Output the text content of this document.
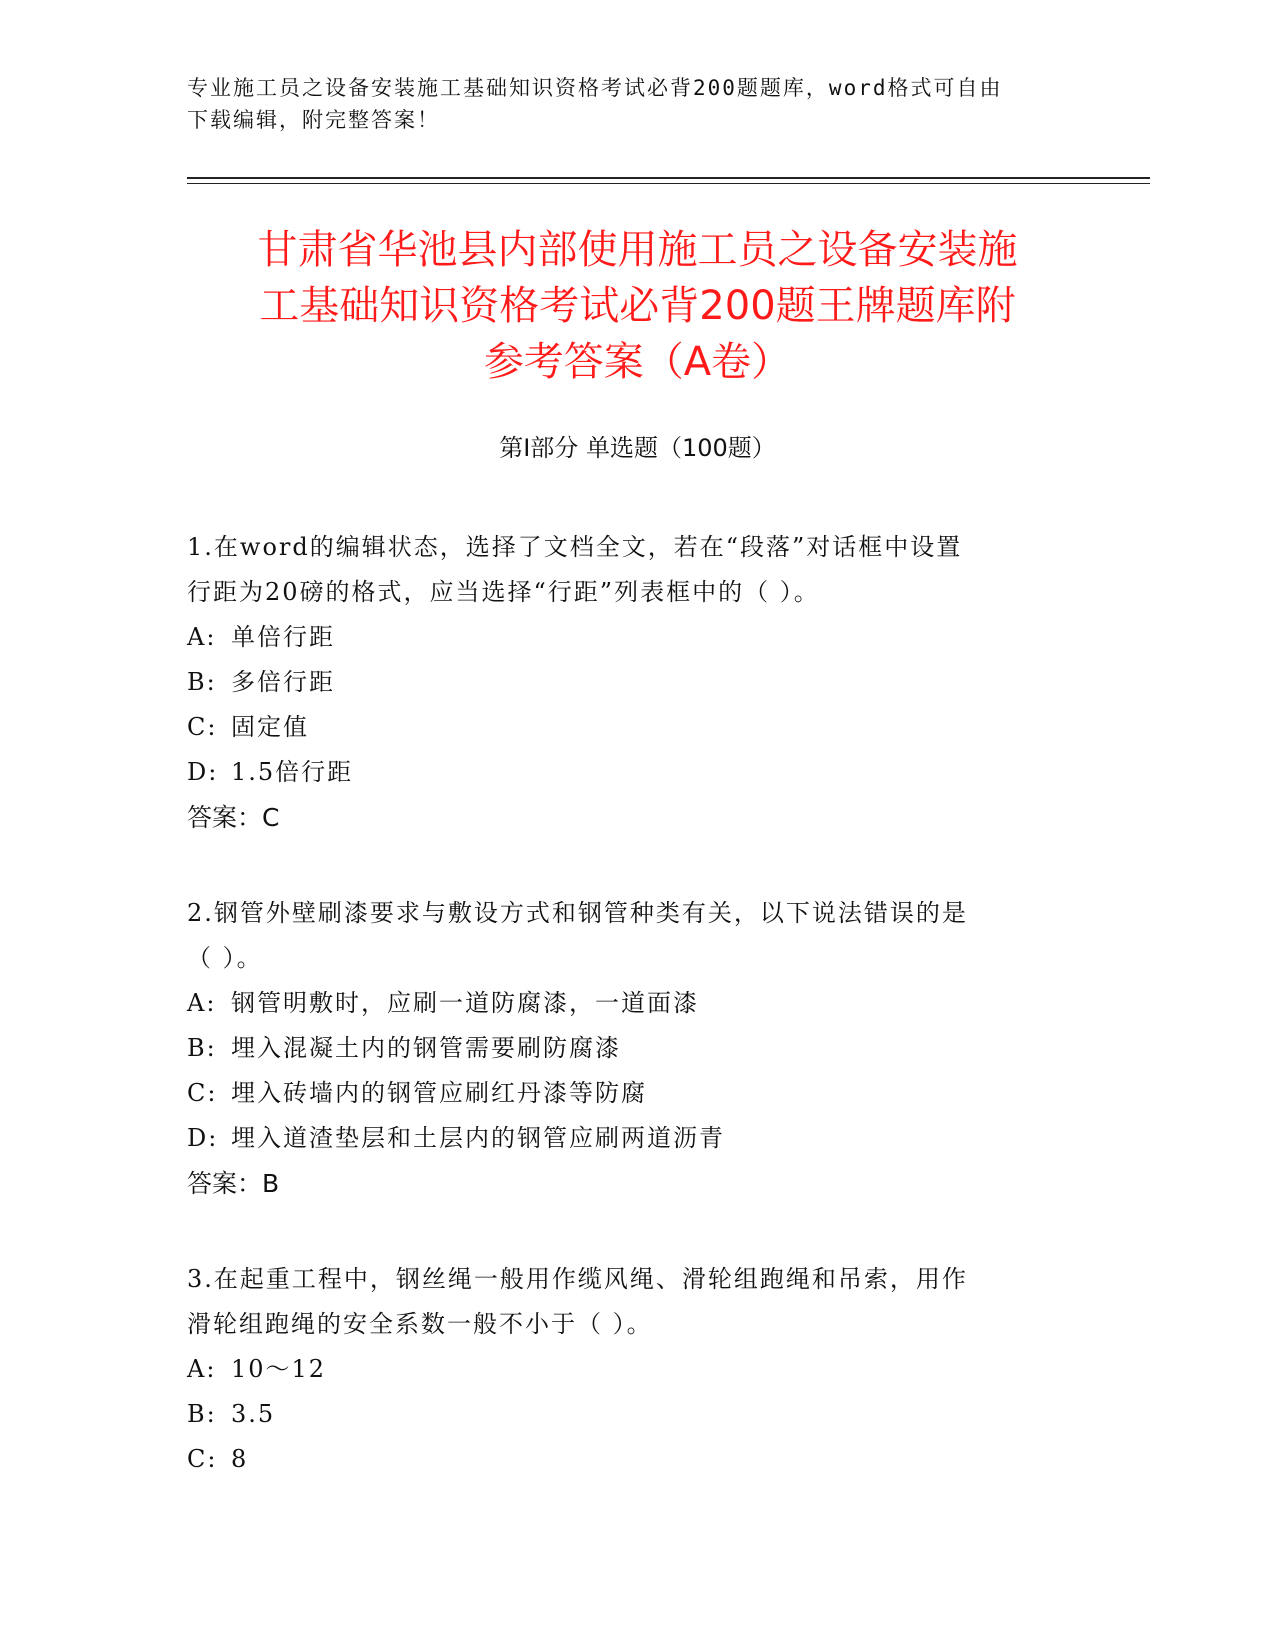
专业施工员之设备安装施工基础知识资格考试必背200题题库，word格式可自由
下载编辑，附完整答案！
甘肃省华池县内部使用施工员之设备安装施
工基础知识资格考试必背200题王牌题库附
参考答案（A卷）
第Ⅰ部分 单选题（100题）
1.在word的编辑状态，选择了文档全文，若在“段落”对话框中设置
行距为20磅的格式，应当选择“行距”列表框中的（ ）。
A: 单倍行距
B: 多倍行距
C: 固定值
D: 1.5倍行距
答案：C
2.钢管外壁刷漆要求与敷设方式和钢管种类有关，以下说法错误的是
（ ）。
A: 钢管明敷时，应刷一道防腐漆，一道面漆
B: 埋入混凝土内的钢管需要刷防腐漆
C: 埋入砖墙内的钢管应刷红丹漆等防腐
D: 埋入道渣垫层和土层内的钢管应刷两道沥青
答案：B
3.在起重工程中，钢丝绳一般用作缆风绳、滑轮组跑绳和吊索，用作
滑轮组跑绳的安全系数一般不小于（ ）。
A: 10～12
B: 3.5
C: 8
